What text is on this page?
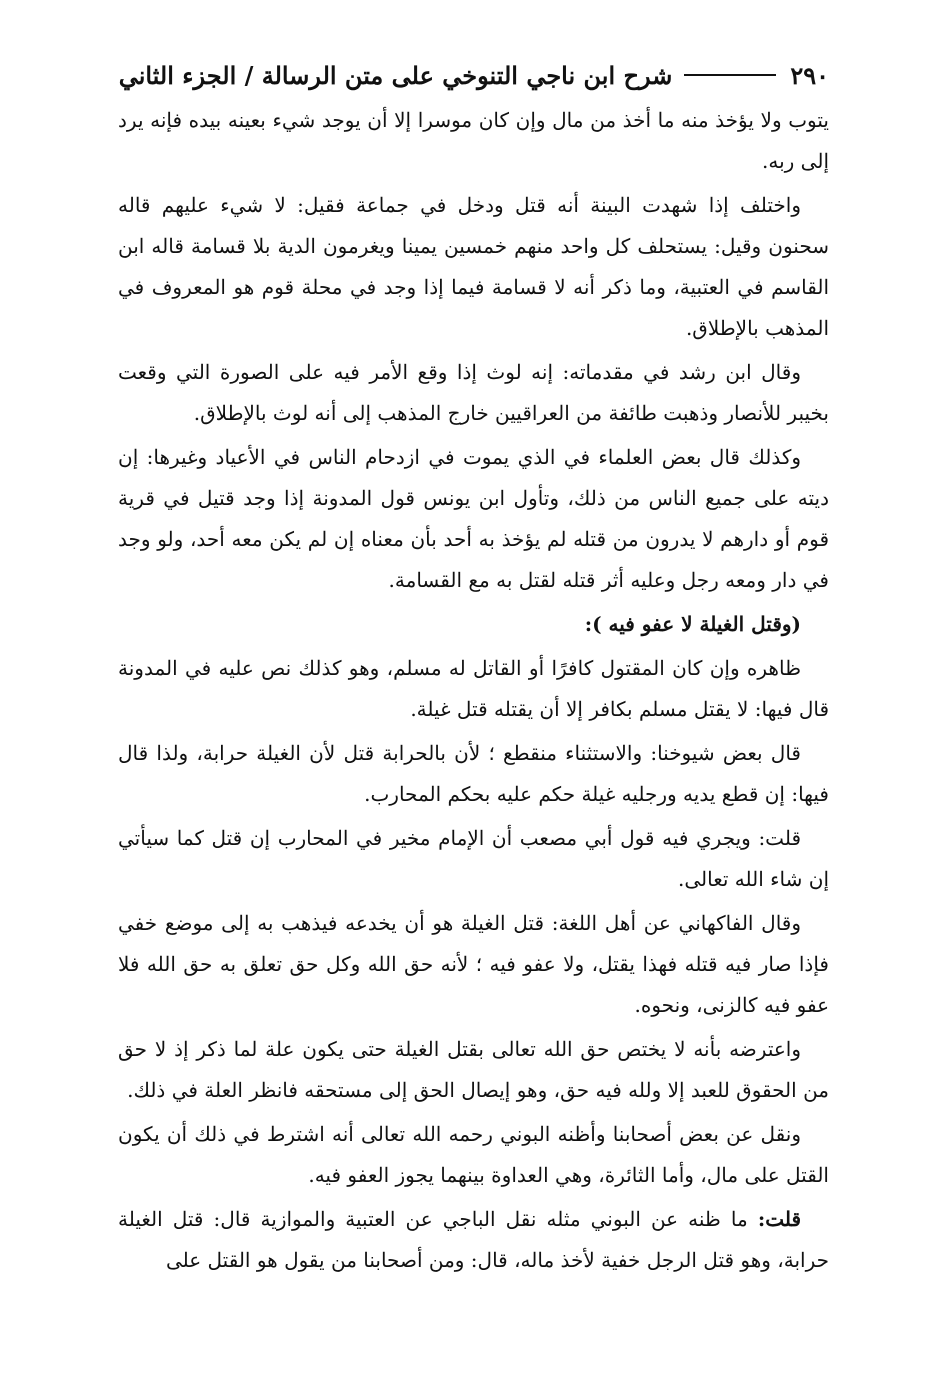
٢٩٠
شرح ابن ناجي التنوخي على متن الرسالة / الجزء الثاني

يتوب ولا يؤخذ منه ما أخذ من مال وإن كان موسرا إلا أن يوجد شيء بعينه بيده فإنه يرد إلى ربه.

واختلف إذا شهدت البينة أنه قتل ودخل في جماعة فقيل: لا شيء عليهم قاله سحنون وقيل: يستحلف كل واحد منهم خمسين يمينا ويغرمون الدية بلا قسامة قاله ابن القاسم في العتبية، وما ذكر أنه لا قسامة فيما إذا وجد في محلة قوم هو المعروف في المذهب بالإطلاق.

وقال ابن رشد في مقدماته: إنه لوث إذا وقع الأمر فيه على الصورة التي وقعت بخيبر للأنصار وذهبت طائفة من العراقيين خارج المذهب إلى أنه لوث بالإطلاق.

وكذلك قال بعض العلماء في الذي يموت في ازدحام الناس في الأعياد وغيرها: إن ديته على جميع الناس من ذلك، وتأول ابن يونس قول المدونة إذا وجد قتيل في قرية قوم أو دارهم لا يدرون من قتله لم يؤخذ به أحد بأن معناه إن لم يكن معه أحد، ولو وجد في دار ومعه رجل وعليه أثر قتله لقتل به مع القسامة.

(وقتل الغيلة لا عفو فيه ):

ظاهره وإن كان المقتول كافرًا أو القاتل له مسلم، وهو كذلك نص عليه في المدونة قال فيها: لا يقتل مسلم بكافر إلا أن يقتله قتل غيلة.

قال بعض شيوخنا: والاستثناء منقطع ؛ لأن بالحرابة قتل لأن الغيلة حرابة، ولذا قال فيها: إن قطع يديه ورجليه غيلة حكم عليه بحكم المحارب.

قلت: ويجري فيه قول أبي مصعب أن الإمام مخير في المحارب إن قتل كما سيأتي إن شاء الله تعالى.

وقال الفاكهاني عن أهل اللغة: قتل الغيلة هو أن يخدعه فيذهب به إلى موضع خفي فإذا صار فيه قتله فهذا يقتل، ولا عفو فيه ؛ لأنه حق الله وكل حق تعلق به حق الله فلا عفو فيه كالزنى، ونحوه.

واعترضه بأنه لا يختص حق الله تعالى بقتل الغيلة حتى يكون علة لما ذكر إذ لا حق من الحقوق للعبد إلا ولله فيه حق، وهو إيصال الحق إلى مستحقه فانظر العلة في ذلك.

ونقل عن بعض أصحابنا وأظنه البوني رحمه الله تعالى أنه اشترط في ذلك أن يكون القتل على مال، وأما الثائرة، وهي العداوة بينهما يجوز العفو فيه.

قلت: ما ظنه عن البوني مثله نقل الباجي عن العتبية والموازية قال: قتل الغيلة حرابة، وهو قتل الرجل خفية لأخذ ماله، قال: ومن أصحابنا من يقول هو القتل على
